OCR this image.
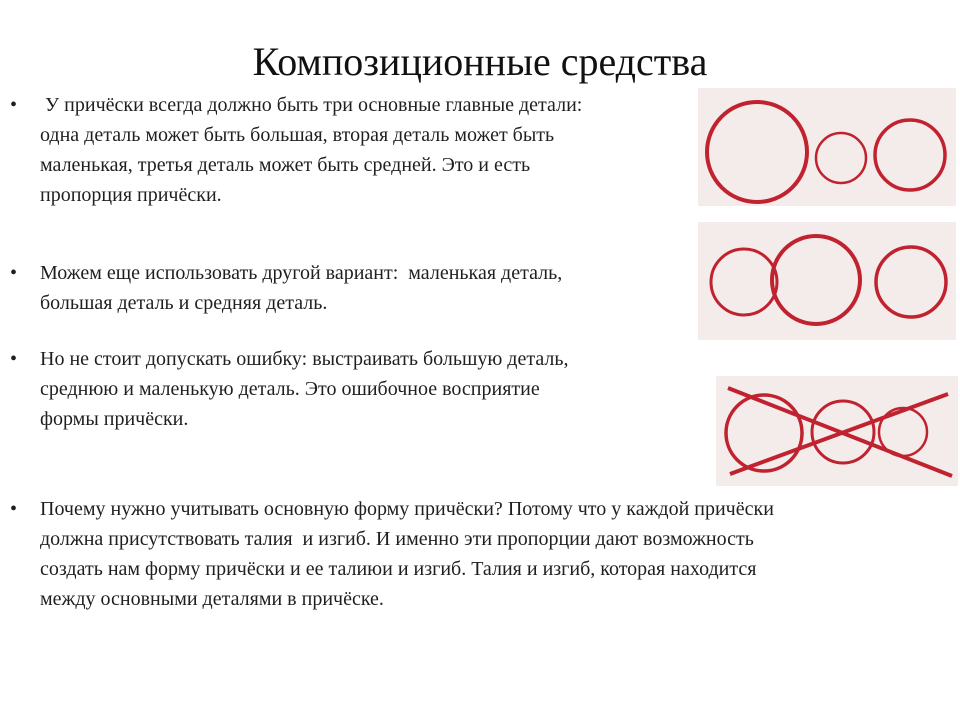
Композиционные средства
• У причёски всегда должно быть три основные главные детали:
одна деталь может быть большая, вторая деталь может быть
маленькая, третья деталь может быть средней. Это и есть
пропорция причёски.
• Можем еще использовать другой вариант:  маленькая деталь,
большая деталь и средняя деталь.
• Но не стоит допускать ошибку: выстраивать большую деталь,
среднюю и маленькую деталь. Это ошибочное восприятие
формы причёски.
• Почему нужно учитывать основную форму причёски? Потому что у каждой причёски
должна присутствовать талия  и изгиб. И именно эти пропорции дают возможность
создать нам форму причёски и ее талиюи и изгиб. Талия и изгиб, которая находится
между основными деталями в причёске.
